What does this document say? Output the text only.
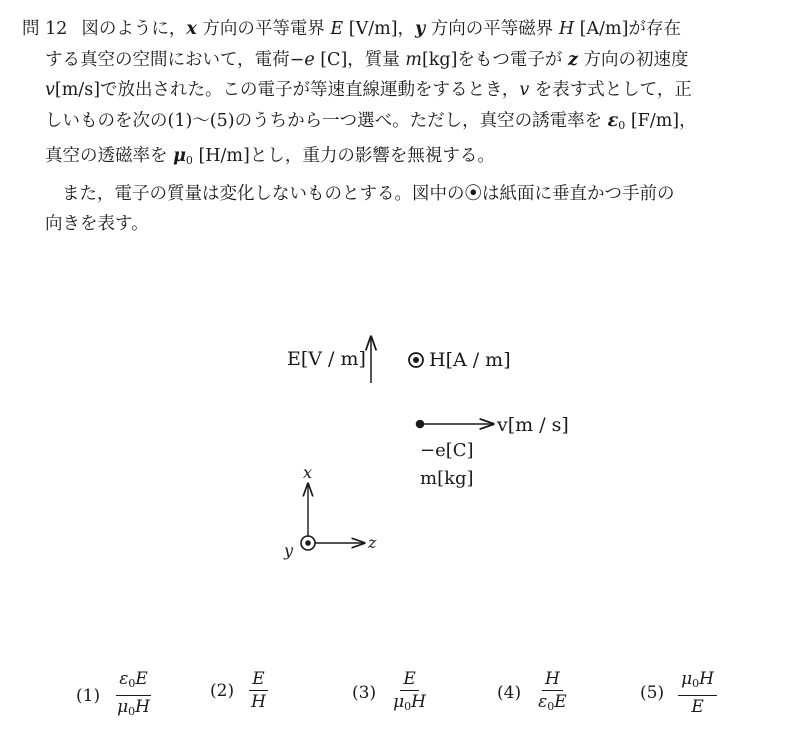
問 12 図のように，x 方向の平等電界 E [V/m]，y 方向の平等磁界 H [A/m]が存在

する真空の空間において，電荷−e [C]，質量 m[kg]をもつ電子が z 方向の初速度

v[m/s]で放出された。この電子が等速直線運動をするとき，v を表す式として，正

しいものを次の(1)～(5)のうちから一つ選べ。ただし，真空の誘電率を $\varepsilon_0$ [F/m]，

真空の透磁率を $\mu_0$ [H/m]とし，重力の影響を無視する。

また，電子の質量は変化しないものとする。図中の⦿は紙面に垂直かつ手前の

向きを表す。

E[V / m]	H[A / m]
v[m / s]
−e[C]
m[kg]
x
y	z
$(1) \frac{\varepsilon_0E}{\mu_0H}$	$(2) \frac{E}{H}$	$(3) \frac{E}{\mu_0H}$	$(4) \frac{H}{\varepsilon_0E}$	$(5) \frac{\mu_0H}{E}$
